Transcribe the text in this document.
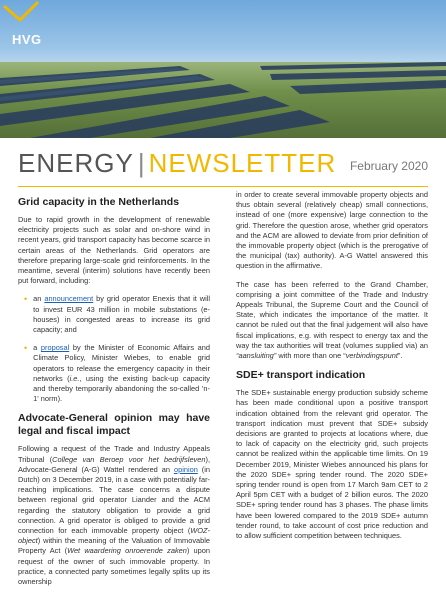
HVG
ENERGY | NEWSLETTER February 2020
Grid capacity in the Netherlands

Due to rapid growth in the development of renewable electricity projects such as solar and on-shore wind in recent years, grid transport capacity has become scarce in certain areas of the Netherlands. Grid operators are therefore preparing large-scale grid reinforcements. In the meantime, several (interim) solutions have recently been put forward, including:

• an announcement by grid operator Enexis that it will to invest EUR 43 million in mobile substations (e-houses) in congested areas to increase its grid capacity; and
• a proposal by the Minister of Economic Affairs and Climate Policy, Minister Wiebes, to enable grid operators to release the emergency capacity in their networks (i.e., using the existing back-up capacity and thereby temporarily abandoning the so-called 'n-1' norm).
Advocate-General opinion may have legal and fiscal impact

Following a request of the Trade and Industry Appeals Tribunal (College van Beroep voor het bedrijfsleven), Advocate-General (A-G) Wattel rendered an opinion (in Dutch) on 3 December 2019, in a case with potentially far-reaching implications. The case concerns a dispute between regional grid operator Liander and the ACM regarding the statutory obligation to provide a grid connection. A grid operator is obliged to provide a grid connection for each immovable property object (WOZ-object) within the meaning of the Valuation of Immovable Property Act (Wet waardering onroerende zaken) upon request of the owner of such immovable property. In practice, a connected party sometimes legally splits up its ownership

in order to create several immovable property objects and thus obtain several (relatively cheap) small connections, instead of one (more expensive) large connection to the grid. Therefore the question arose, whether grid operators and the ACM are allowed to deviate from prior definition of the immovable property object (which is the prerogative of the municipal (tax) authority). A-G Wattel answered this question in the affirmative.

The case has been referred to the Grand Chamber, comprising a joint committee of the Trade and Industry Appeals Tribunal, the Supreme Court and the Council of State, which indicates the importance of the matter. It cannot be ruled out that the final judgement will also have fiscal implications, e.g. with respect to energy tax and the way the tax authorities will treat (volumes supplied via) an “aansluiting” with more than one “verbindingspunt”.

SDE+ transport indication

The SDE+ sustainable energy production subsidy scheme has been made conditional upon a positive transport indication obtained from the relevant grid operator. The transport indication must prevent that SDE+ subsidy decisions are granted to projects at locations where, due to lack of capacity on the electricity grid, such projects cannot be realized within the applicable time limits. On 19 December 2019, Minister Wiebes announced his plans for the 2020 SDE+ spring tender round. The 2020 SDE+ spring tender round is open from 17 March 9am CET to 2 April 5pm CET with a budget of 2 billion euros. The 2020 SDE+ spring tender round has 3 phases. The phase limits have been lowered compared to the 2019 SDE+ autumn tender round, to take account of cost price reduction and to allow sufficient competition between techniques.
